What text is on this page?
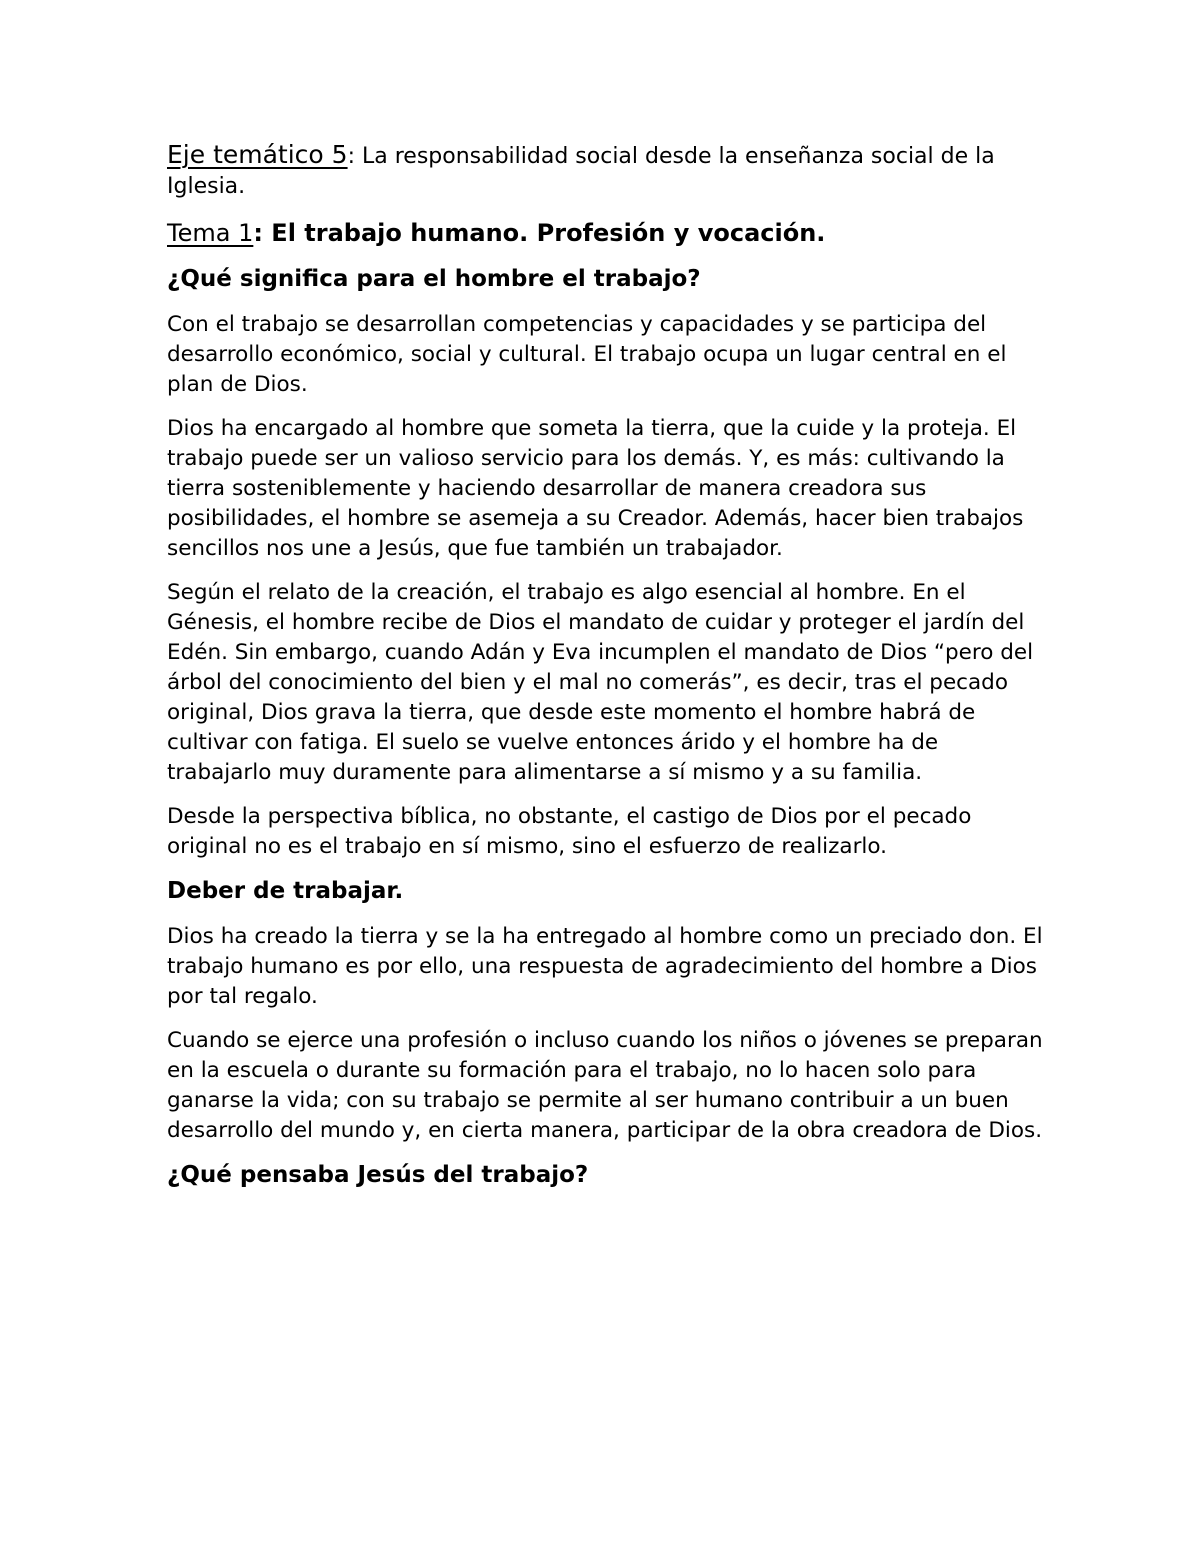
Eje temático 5: La responsabilidad social desde la enseñanza social de la Iglesia.

Tema 1: El trabajo humano. Profesión y vocación.

¿Qué significa para el hombre el trabajo?

Con el trabajo se desarrollan competencias y capacidades y se participa del desarrollo económico, social y cultural. El trabajo ocupa un lugar central en el plan de Dios.

Dios ha encargado al hombre que someta la tierra, que la cuide y la proteja. El trabajo puede ser un valioso servicio para los demás. Y, es más: cultivando la tierra sosteniblemente y haciendo desarrollar de manera creadora sus posibilidades, el hombre se asemeja a su Creador. Además, hacer bien trabajos sencillos nos une a Jesús, que fue también un trabajador.

Según el relato de la creación, el trabajo es algo esencial al hombre. En el Génesis, el hombre recibe de Dios el mandato de cuidar y proteger el jardín del Edén. Sin embargo, cuando Adán y Eva incumplen el mandato de Dios “pero del árbol del conocimiento del bien y el mal no comerás”, es decir, tras el pecado original, Dios grava la tierra, que desde este momento el hombre habrá de cultivar con fatiga. El suelo se vuelve entonces árido y el hombre ha de trabajarlo muy duramente para alimentarse a sí mismo y a su familia.

Desde la perspectiva bíblica, no obstante, el castigo de Dios por el pecado original no es el trabajo en sí mismo, sino el esfuerzo de realizarlo.

Deber de trabajar.

Dios ha creado la tierra y se la ha entregado al hombre como un preciado don. El trabajo humano es por ello, una respuesta de agradecimiento del hombre a Dios por tal regalo.

Cuando se ejerce una profesión o incluso cuando los niños o jóvenes se preparan en la escuela o durante su formación para el trabajo, no lo hacen solo para ganarse la vida; con su trabajo se permite al ser humano contribuir a un buen desarrollo del mundo y, en cierta manera, participar de la obra creadora de Dios.

¿Qué pensaba Jesús del trabajo?
